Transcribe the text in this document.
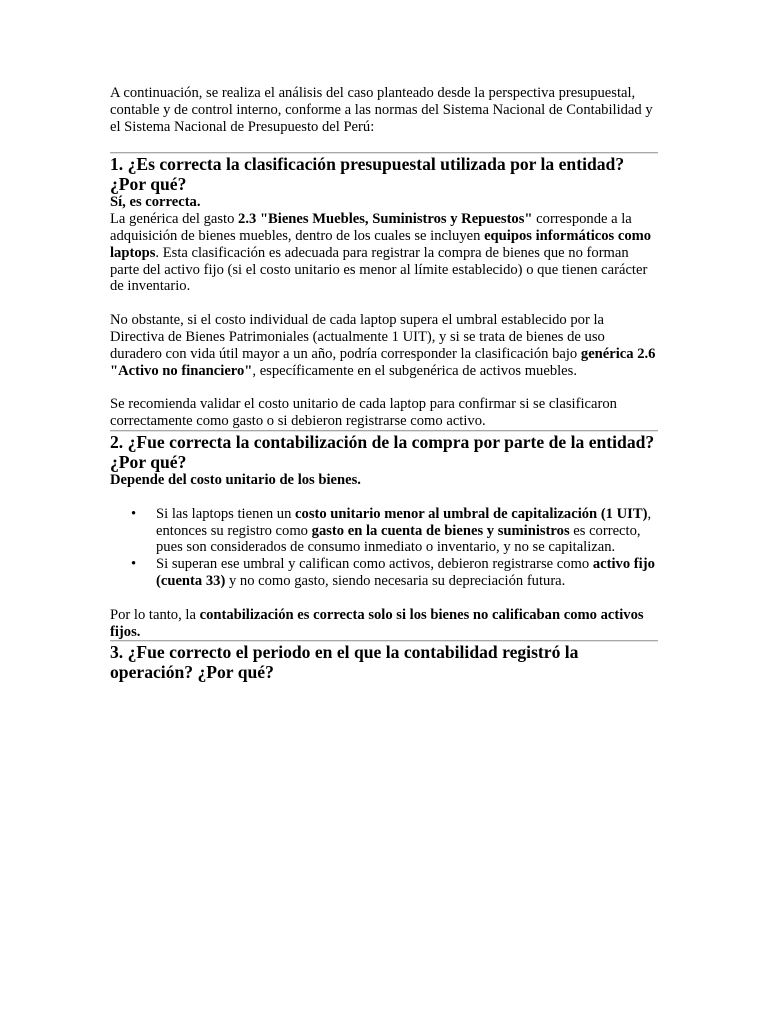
A continuación, se realiza el análisis del caso planteado desde la perspectiva presupuestal, contable y de control interno, conforme a las normas del Sistema Nacional de Contabilidad y el Sistema Nacional de Presupuesto del Perú:

1. ¿Es correcta la clasificación presupuestal utilizada por la entidad? ¿Por qué?

Sí, es correcta.
La genérica del gasto 2.3 "Bienes Muebles, Suministros y Repuestos" corresponde a la adquisición de bienes muebles, dentro de los cuales se incluyen equipos informáticos como laptops. Esta clasificación es adecuada para registrar la compra de bienes que no forman parte del activo fijo (si el costo unitario es menor al límite establecido) o que tienen carácter de inventario.

No obstante, si el costo individual de cada laptop supera el umbral establecido por la Directiva de Bienes Patrimoniales (actualmente 1 UIT), y si se trata de bienes de uso duradero con vida útil mayor a un año, podría corresponder la clasificación bajo genérica 2.6 "Activo no financiero", específicamente en el subgenérica de activos muebles.

Se recomienda validar el costo unitario de cada laptop para confirmar si se clasificaron correctamente como gasto o si debieron registrarse como activo.

2. ¿Fue correcta la contabilización de la compra por parte de la entidad? ¿Por qué?

Depende del costo unitario de los bienes.

• Si las laptops tienen un costo unitario menor al umbral de capitalización (1 UIT), entonces su registro como gasto en la cuenta de bienes y suministros es correcto, pues son considerados de consumo inmediato o inventario, y no se capitalizan.
• Si superan ese umbral y califican como activos, debieron registrarse como activo fijo (cuenta 33) y no como gasto, siendo necesaria su depreciación futura.

Por lo tanto, la contabilización es correcta solo si los bienes no calificaban como activos fijos.

3. ¿Fue correcto el periodo en el que la contabilidad registró la operación? ¿Por qué?
